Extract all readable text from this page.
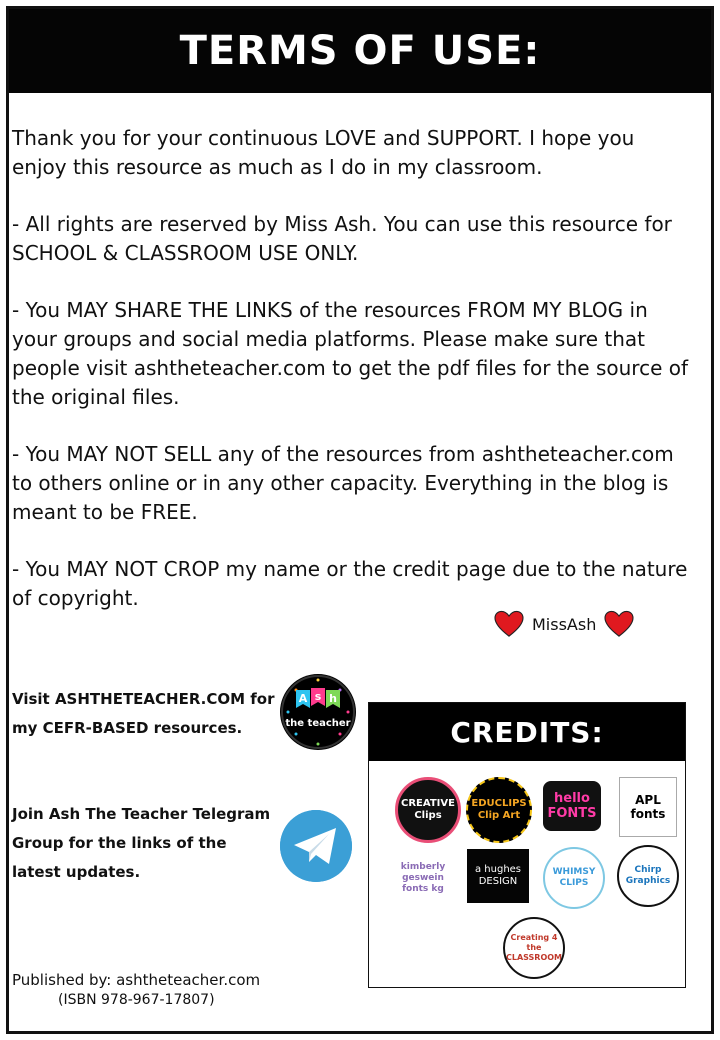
TERMS OF USE:

Thank you for your continuous LOVE and SUPPORT. I hope you enjoy this resource as much as I do in my classroom.

- All rights are reserved by Miss Ash. You can use this resource for SCHOOL & CLASSROOM USE ONLY.

- You MAY SHARE THE LINKS of the resources FROM MY BLOG in your groups and social media platforms. Please make sure that people visit ashtheteacher.com to get the pdf files for the source of the original files.

- You MAY NOT SELL any of the resources from ashtheteacher.com to others online or in any other capacity. Everything in the blog is meant to be FREE.

- You MAY NOT CROP my name or the credit page due to the nature of copyright.

MissAsh
Visit ASHTHETEACHER.COM for my CEFR-BASED resources.
A s h
the teacher
Join Ash The Teacher Telegram Group for the links of the latest updates.
CREDITS:
CREATIVE Clips
EDUCLIPS Clip Art
hello FONTS
APL fonts
kimberly geswein fonts kg
a hughes DESIGN
WHIMSY CLIPS
Chirp Graphics
Creating 4 the CLASSROOM
Published by: ashtheteacher.com
(ISBN 978-967-17807)
